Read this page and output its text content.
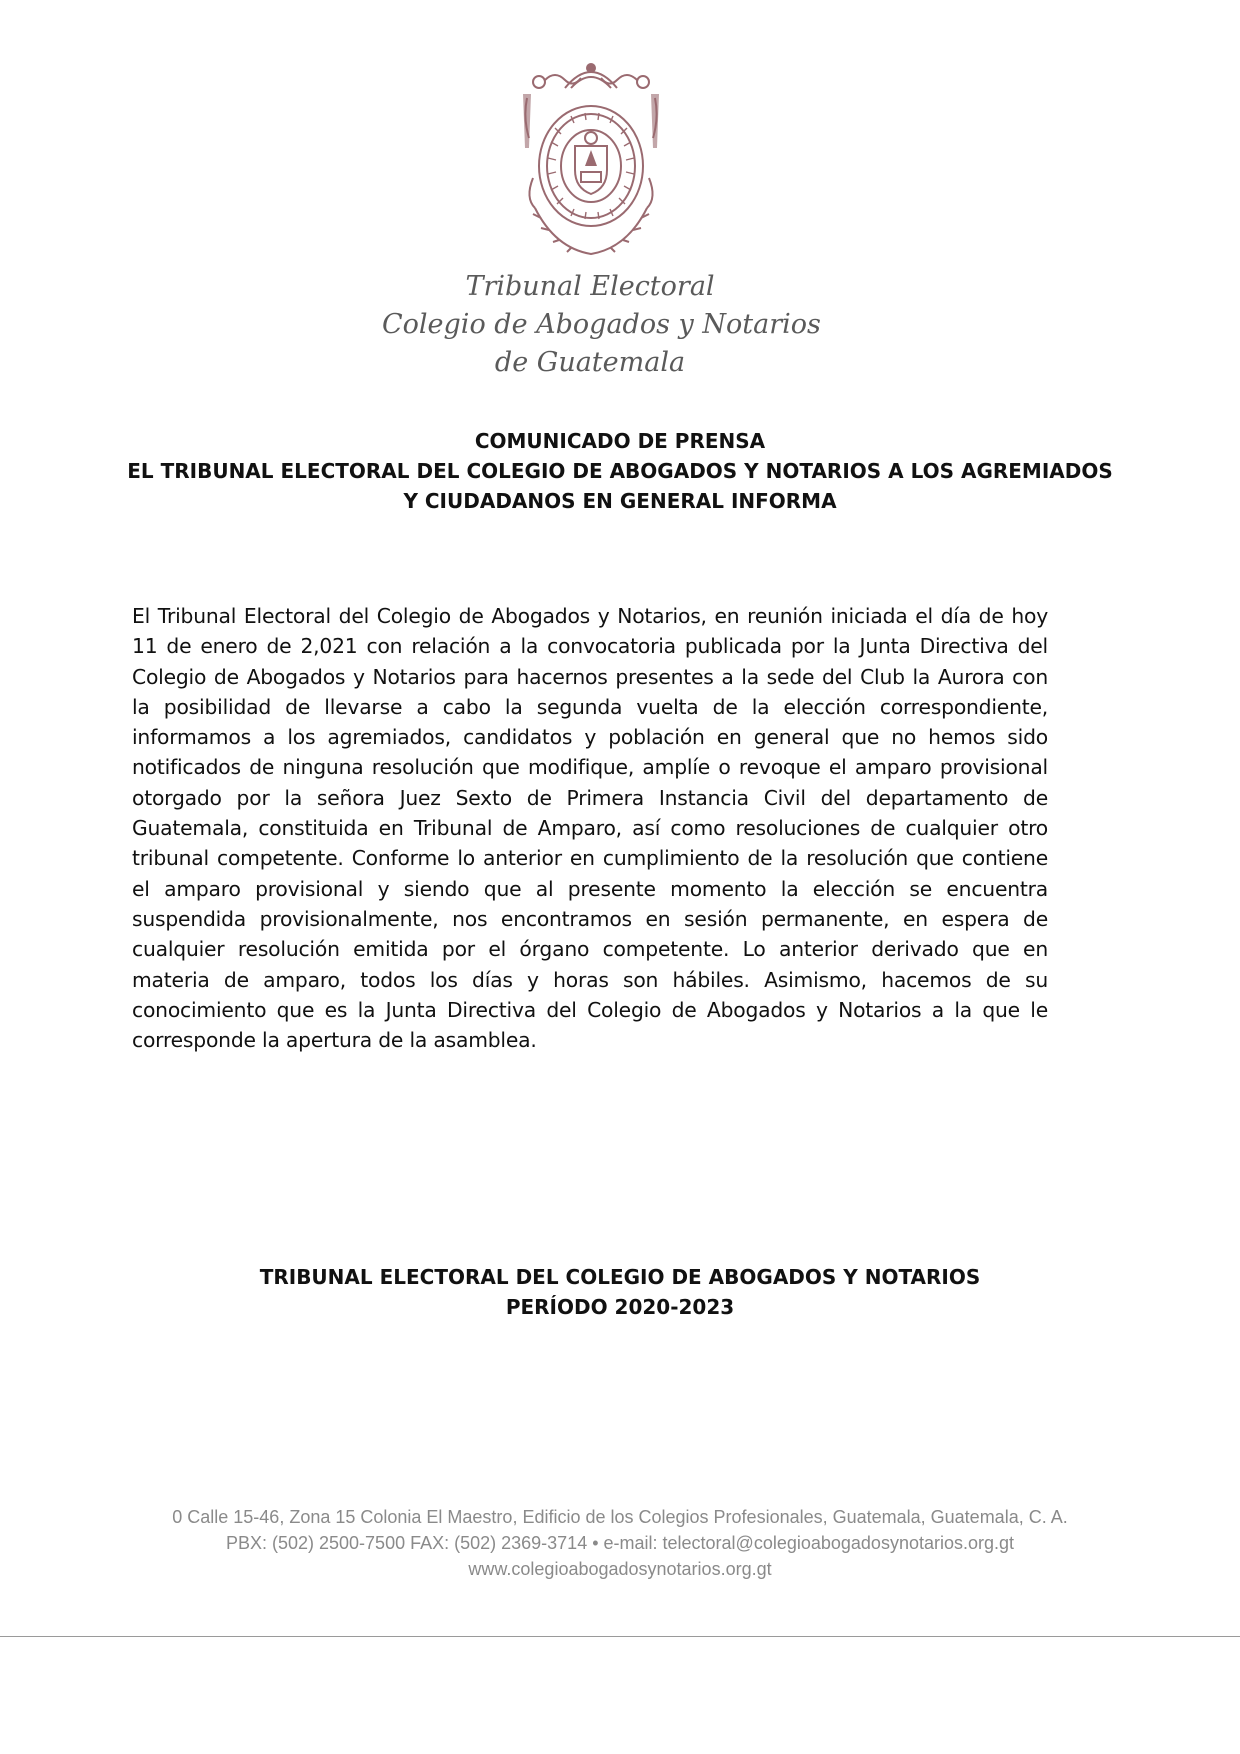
Tribunal Electoral
Colegio de Abogados y Notarios
de Guatemala
COMUNICADO DE PRENSA
EL TRIBUNAL ELECTORAL DEL COLEGIO DE ABOGADOS Y NOTARIOS A LOS AGREMIADOS
Y CIUDADANOS EN GENERAL INFORMA
El Tribunal Electoral del Colegio de Abogados y Notarios, en reunión iniciada el día de hoy 11 de enero de 2,021 con relación a la convocatoria publicada por la Junta Directiva del Colegio de Abogados y Notarios para hacernos presentes a la sede del Club la Aurora con la posibilidad de llevarse a cabo la segunda vuelta de la elección correspondiente, informamos a los agremiados, candidatos y población en general que no hemos sido notificados de ninguna resolución que modifique, amplíe o revoque el amparo provisional otorgado por la señora Juez Sexto de Primera Instancia Civil del departamento de Guatemala, constituida en Tribunal de Amparo, así como resoluciones de cualquier otro tribunal competente. Conforme lo anterior en cumplimiento de la resolución que contiene el amparo provisional y siendo que al presente momento la elección se encuentra suspendida provisionalmente, nos encontramos en sesión permanente, en espera de cualquier resolución emitida por el órgano competente. Lo anterior derivado que en materia de amparo, todos los días y horas son hábiles. Asimismo, hacemos de su conocimiento que es la Junta Directiva del Colegio de Abogados y Notarios a la que le corresponde la apertura de la asamblea.
TRIBUNAL ELECTORAL DEL COLEGIO DE ABOGADOS Y NOTARIOS
PERÍODO 2020-2023
0 Calle 15-46, Zona 15 Colonia El Maestro, Edificio de los Colegios Profesionales, Guatemala, Guatemala, C. A.
PBX: (502) 2500-7500 FAX: (502) 2369-3714 • e-mail: telectoral@colegioabogadosynotarios.org.gt
www.colegioabogadosynotarios.org.gt
